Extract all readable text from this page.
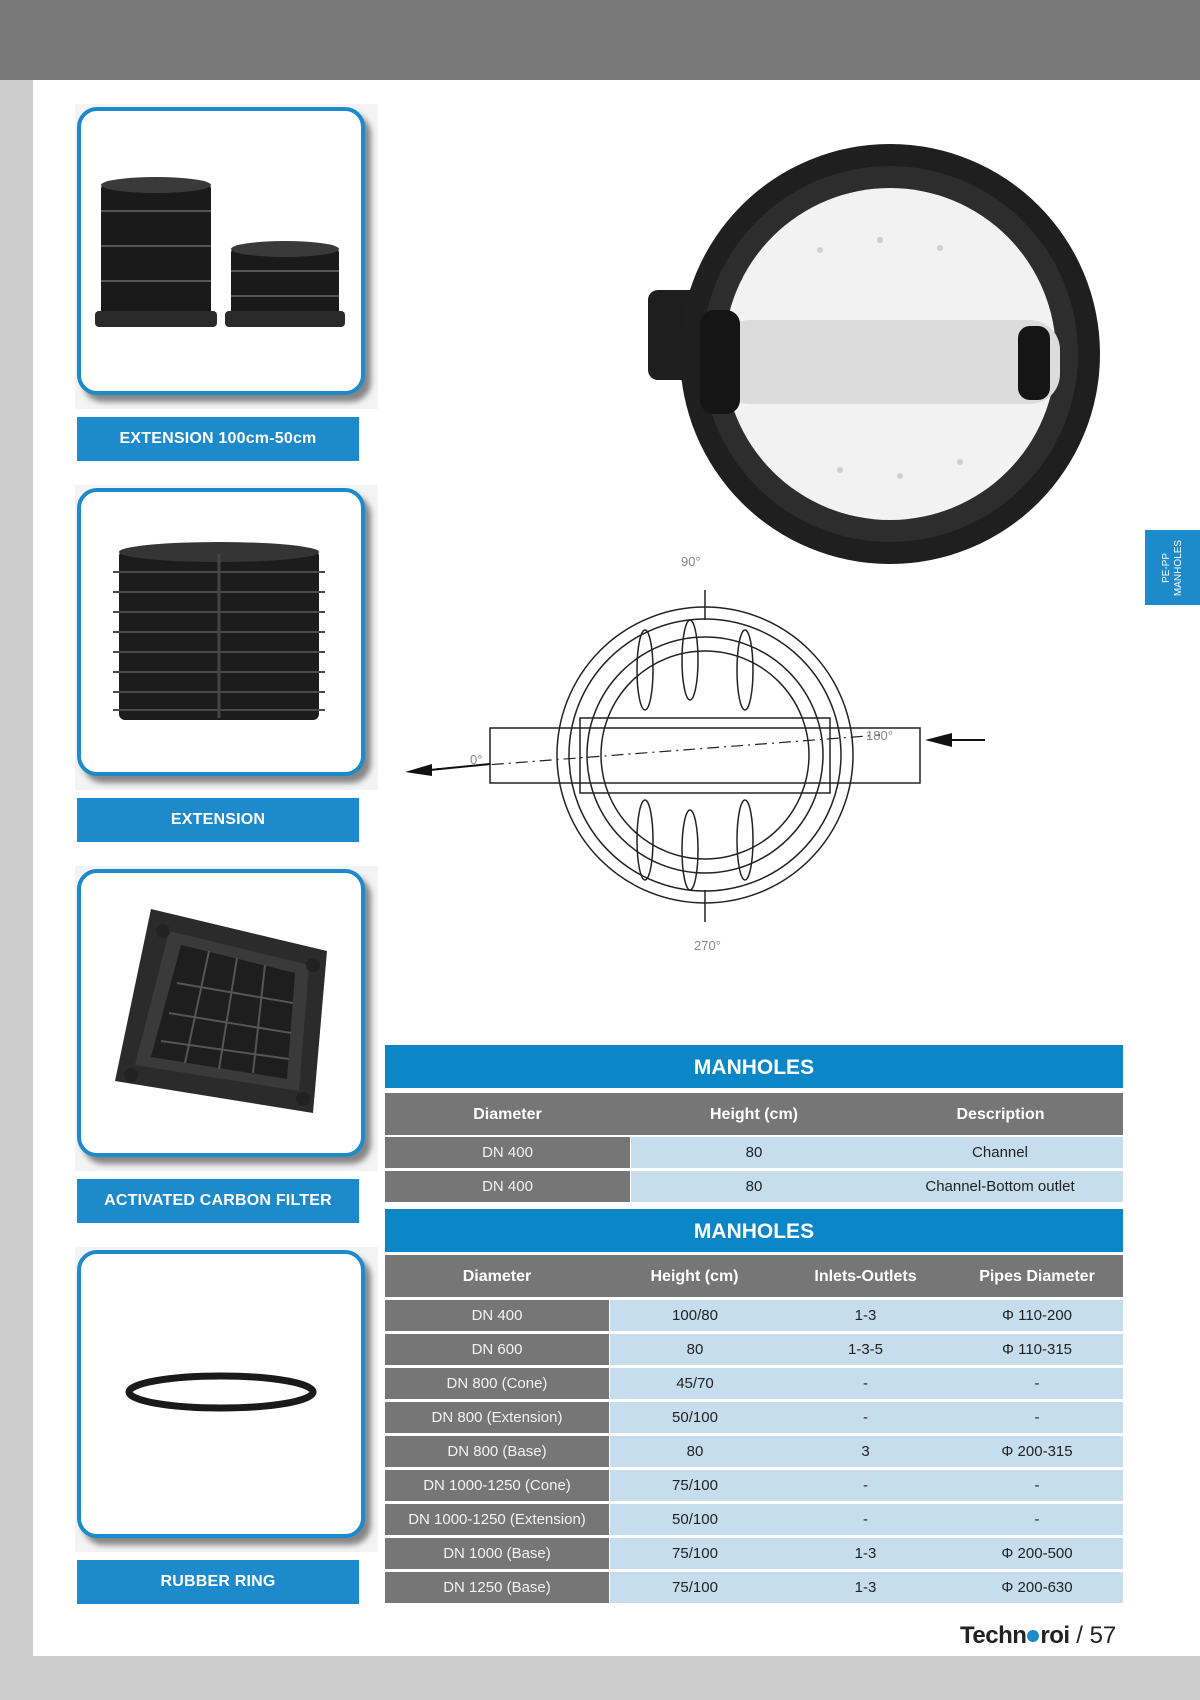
EXTENSION 100cm-50cm
EXTENSION
ACTIVATED CARBON FILTER
RUBBER RING
90°
180°
0°
270°
PE-PP MANHOLES
MANHOLES
Diameter	Height (cm)	Description
DN 400	80	Channel
DN 400	80	Channel-Bottom outlet
MANHOLES
Diameter	Height (cm)	Inlets-Outlets	Pipes Diameter
DN 400	100/80	1-3	Φ 110-200
DN 600	80	1-3-5	Φ 110-315
DN 800 (Cone)	45/70	-	-
DN 800 (Extension)	50/100	-	-
DN 800 (Base)	80	3	Φ 200-315
DN 1000-1250 (Cone)	75/100	-	-
DN 1000-1250 (Extension)	50/100	-	-
DN 1000 (Base)	75/100	1-3	Φ 200-500
DN 1250 (Base)	75/100	1-3	Φ 200-630
Techn roi / 57
